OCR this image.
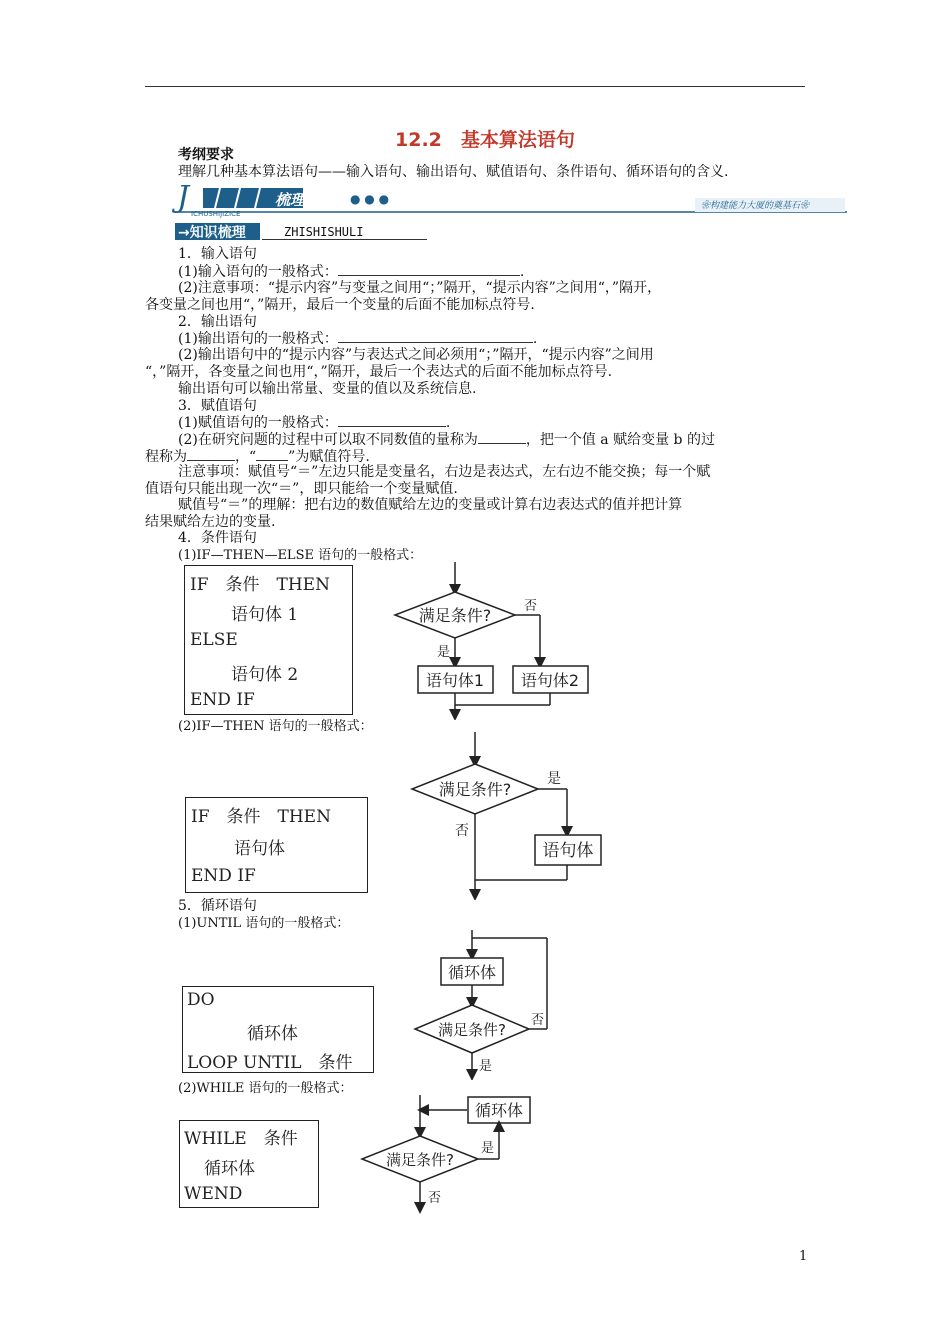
12.2　基本算法语句
考纲要求
理解几种基本算法语句——输入语句、输出语句、赋值语句、条件语句、循环语句的含义.
J ICHUSHIJIZICE
梳理自测 ● ● ●	❀构建能力大厦的奠基石❀
→知识梳理	ZHISHISHULI
1．输入语句
(1)输入语句的一般格式：	.
(2)注意事项：“提示内容”与变量之间用“；”隔开，“提示内容”之间用“，”隔开，
各变量之间也用“，”隔开，最后一个变量的后面不能加标点符号.
2．输出语句
(1)输出语句的一般格式：	.
(2)输出语句中的“提示内容”与表达式之间必须用“；”隔开，“提示内容”之间用
“，”隔开，各变量之间也用“，”隔开，最后一个表达式的后面不能加标点符号.
输出语句可以输出常量、变量的值以及系统信息.
3．赋值语句
(1)赋值语句的一般格式：	.
(2)在研究问题的过程中可以取不同数值的量称为	，把一个值 a 赋给变量 b 的过
程称为	，“ ”为赋值符号.
注意事项：赋值号“＝”左边只能是变量名，右边是表达式，左右边不能交换；每一个赋
值语句只能出现一次“＝”，即只能给一个变量赋值.
赋值号“＝”的理解：把右边的数值赋给左边的变量或计算右边表达式的值并把计算
结果赋给左边的变量.
4．条件语句
(1)IF—THEN—ELSE 语句的一般格式：
IF　条件　THEN
语句体 1
ELSE
语句体 2
END IF
满足条件?	否
是
语句体1 语句体2
(2)IF—THEN 语句的一般格式：
IF　条件　THEN
语句体
END IF
满足条件?
是
否
语句体
5．循环语句
(1)UNTIL 语句的一般格式：
DO
循环体
LOOP UNTIL　条件
循环体
满足条件?
否
是
(2)WHILE 语句的一般格式：
WHILE　条件
循环体
WEND
循环体
满足条件?
是
否
1
